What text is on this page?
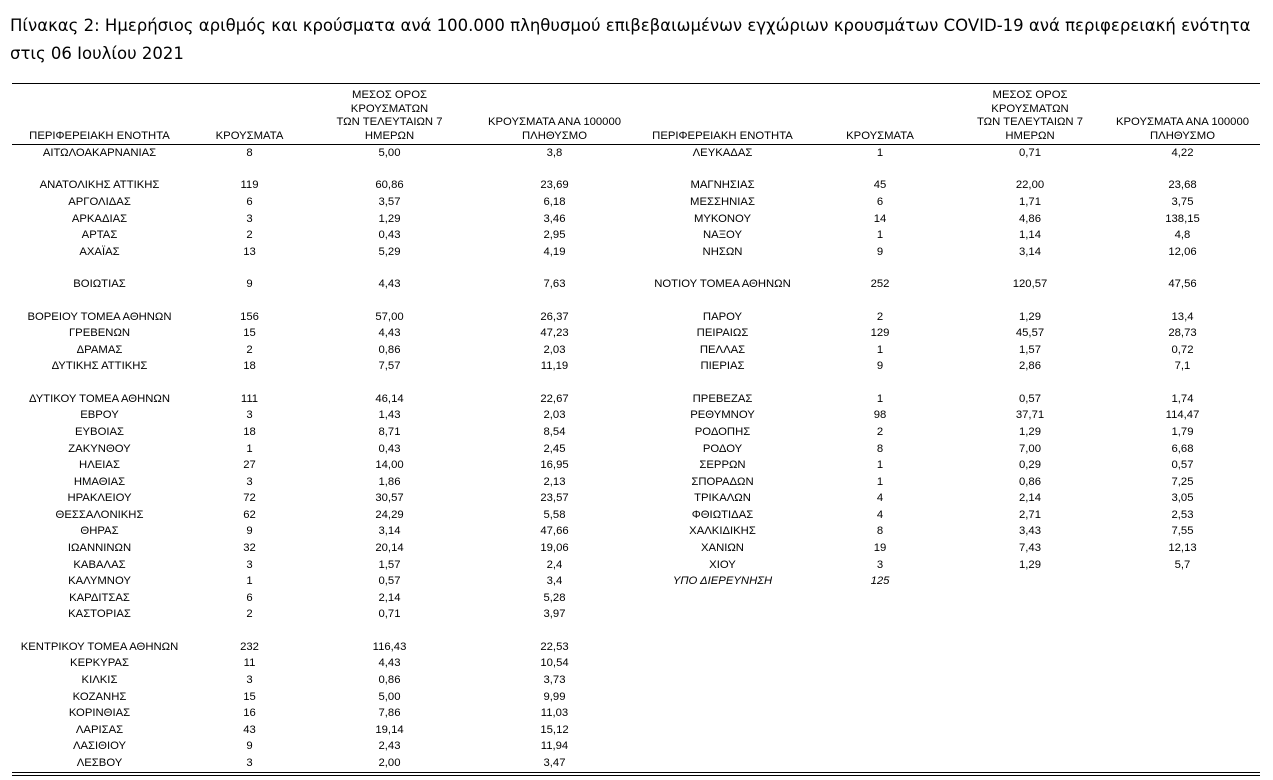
Πίνακας 2: Ημερήσιος αριθμός και κρούσματα ανά 100.000 πληθυσμού επιβεβαιωμένων εγχώριων κρουσμάτων COVID-19 ανά περιφερειακή ενότητα στις 06 Ιουλίου 2021
ΠΕΡΙΦΕΡΕΙΑΚΗ ΕΝΟΤΗΤΑ	ΚΡΟΥΣΜΑΤΑ
ΜΕΣΟΣ ΟΡΟΣ ΚΡΟΥΣΜΑΤΩΝ
ΤΩΝ ΤΕΛΕΥΤΑΙΩΝ 7
ΗΜΕΡΩΝ
ΚΡΟΥΣΜΑΤΑ ΑΝΑ 100000
ΠΛΗΘΥΣΜΟ
ΑΙΤΩΛΟΑΚΑΡΝΑΝΙΑΣ	8	5,00	3,8
ΑΝΑΤΟΛΙΚΗΣ ΑΤΤΙΚΗΣ	119	60,86	23,69
ΑΡΓΟΛΙΔΑΣ	6	3,57	6,18
ΑΡΚΑΔΙΑΣ	3	1,29	3,46
ΑΡΤΑΣ	2	0,43	2,95
ΑΧΑΪΑΣ	13	5,29	4,19
ΒΟΙΩΤΙΑΣ	9	4,43	7,63
ΒΟΡΕΙΟΥ ΤΟΜΕΑ ΑΘΗΝΩΝ	156	57,00	26,37
ΓΡΕΒΕΝΩΝ	15	4,43	47,23
ΔΡΑΜΑΣ	2	0,86	2,03
ΔΥΤΙΚΗΣ ΑΤΤΙΚΗΣ	18	7,57	11,19
ΔΥΤΙΚΟΥ ΤΟΜΕΑ ΑΘΗΝΩΝ	111	46,14	22,67
ΕΒΡΟΥ	3	1,43	2,03
ΕΥΒΟΙΑΣ	18	8,71	8,54
ΖΑΚΥΝΘΟΥ	1	0,43	2,45
ΗΛΕΙΑΣ	27	14,00	16,95
ΗΜΑΘΙΑΣ	3	1,86	2,13
ΗΡΑΚΛΕΙΟΥ	72	30,57	23,57
ΘΕΣΣΑΛΟΝΙΚΗΣ	62	24,29	5,58
ΘΗΡΑΣ	9	3,14	47,66
ΙΩΑΝΝΙΝΩΝ	32	20,14	19,06
ΚΑΒΑΛΑΣ	3	1,57	2,4
ΚΑΛΥΜΝΟΥ	1	0,57	3,4
ΚΑΡΔΙΤΣΑΣ	6	2,14	5,28
ΚΑΣΤΟΡΙΑΣ	2	0,71	3,97
ΚΕΝΤΡΙΚΟΥ ΤΟΜΕΑ ΑΘΗΝΩΝ	232	116,43	22,53
ΚΕΡΚΥΡΑΣ	11	4,43	10,54
ΚΙΛΚΙΣ	3	0,86	3,73
ΚΟΖΑΝΗΣ	15	5,00	9,99
ΚΟΡΙΝΘΙΑΣ	16	7,86	11,03
ΛΑΡΙΣΑΣ	43	19,14	15,12
ΛΑΣΙΘΙΟΥ	9	2,43	11,94
ΛΕΣΒΟΥ	3	2,00	3,47
ΠΕΡΙΦΕΡΕΙΑΚΗ ΕΝΟΤΗΤΑ	ΚΡΟΥΣΜΑΤΑ
ΜΕΣΟΣ ΟΡΟΣ ΚΡΟΥΣΜΑΤΩΝ
ΤΩΝ ΤΕΛΕΥΤΑΙΩΝ 7
ΗΜΕΡΩΝ
ΚΡΟΥΣΜΑΤΑ ΑΝΑ 100000
ΠΛΗΘΥΣΜΟ
ΛΕΥΚΑΔΑΣ	1	0,71	4,22
ΜΑΓΝΗΣΙΑΣ	45	22,00	23,68
ΜΕΣΣΗΝΙΑΣ	6	1,71	3,75
ΜΥΚΟΝΟΥ	14	4,86	138,15
ΝΑΞΟΥ	1	1,14	4,8
ΝΗΣΩΝ	9	3,14	12,06
ΝΟΤΙΟΥ ΤΟΜΕΑ ΑΘΗΝΩΝ	252	120,57	47,56
ΠΑΡΟΥ	2	1,29	13,4
ΠΕΙΡΑΙΩΣ	129	45,57	28,73
ΠΕΛΛΑΣ	1	1,57	0,72
ΠΙΕΡΙΑΣ	9	2,86	7,1
ΠΡΕΒΕΖΑΣ	1	0,57	1,74
ΡΕΘΥΜΝΟΥ	98	37,71	114,47
ΡΟΔΟΠΗΣ	2	1,29	1,79
ΡΟΔΟΥ	8	7,00	6,68
ΣΕΡΡΩΝ	1	0,29	0,57
ΣΠΟΡΑΔΩΝ	1	0,86	7,25
ΤΡΙΚΑΛΩΝ	4	2,14	3,05
ΦΘΙΩΤΙΔΑΣ	4	2,71	2,53
ΧΑΛΚΙΔΙΚΗΣ	8	3,43	7,55
ΧΑΝΙΩΝ	19	7,43	12,13
ΧΙΟΥ	3	1,29	5,7
ΥΠΟ ΔΙΕΡΕΥΝΗΣΗ	125
